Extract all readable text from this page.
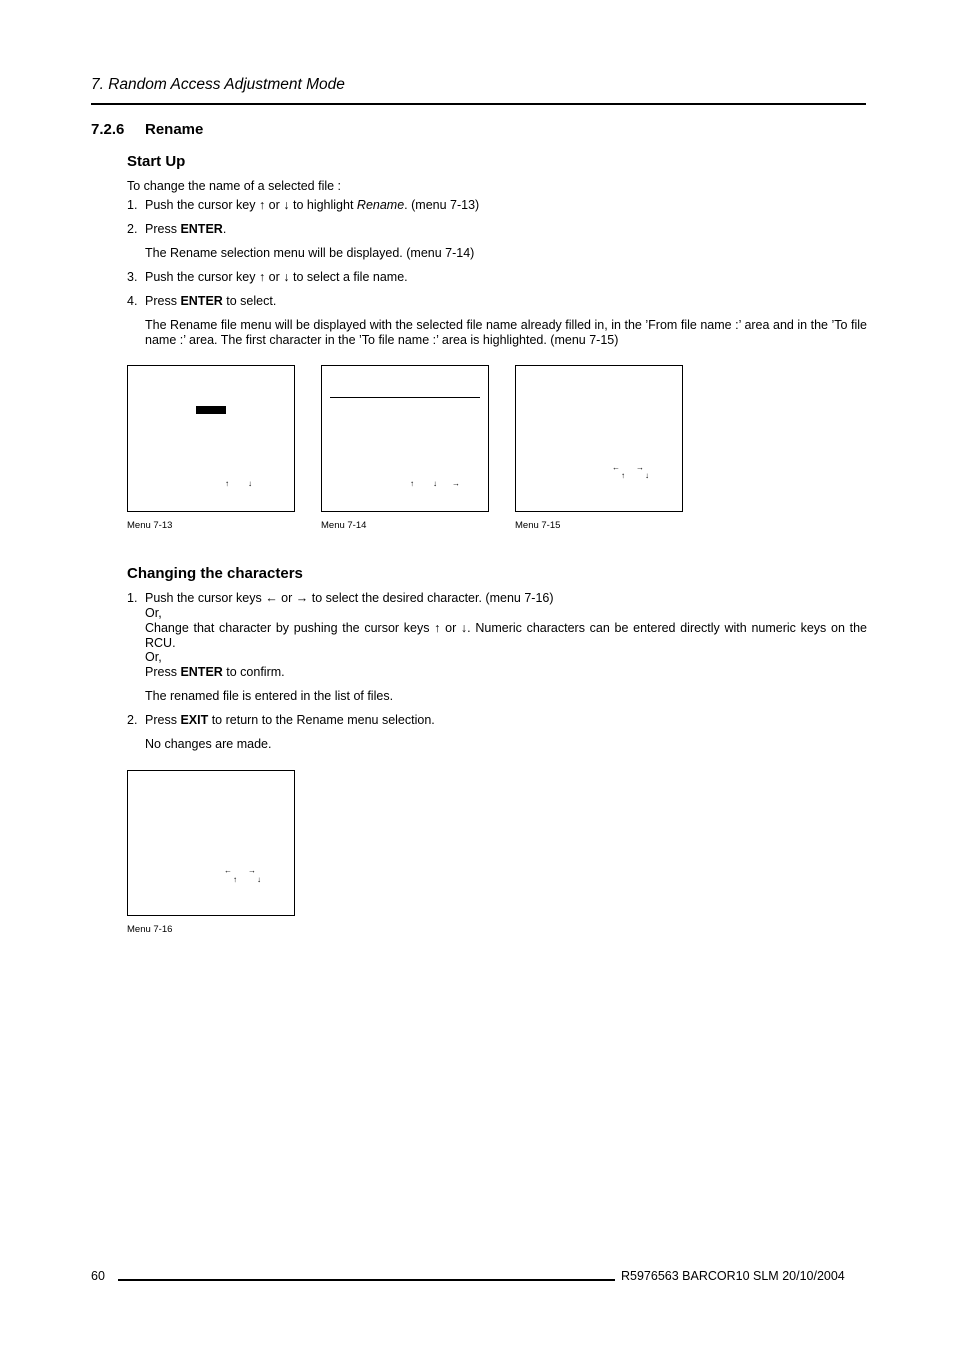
7. Random Access Adjustment Mode
7.2.6 Rename
Start Up
To change the name of a selected file :
1. Push the cursor key ↑ or ↓ to highlight Rename. (menu 7-13)
2. Press ENTER.
The Rename selection menu will be displayed. (menu 7-14)
3. Push the cursor key ↑ or ↓ to select a file name.
4. Press ENTER to select.
The Rename file menu will be displayed with the selected file name already filled in, in the ’From file name :’ area and in the ’To file name :’ area. The first character in the ’To file name :’ area is highlighted. (menu 7-15)
↑ ↓
Menu 7-13
↑ ↓ →
Menu 7-14
← →
↑	↓
Menu 7-15
Changing the characters
1. Push the cursor keys ← or → to select the desired character. (menu 7-16)
Or,
Change that character by pushing the cursor keys ↑ or ↓. Numeric characters can be entered directly with numeric keys on the RCU.
Or,
Press ENTER to confirm.
The renamed file is entered in the list of files.
2. Press EXIT to return to the Rename menu selection.
No changes are made.
← →
↑	↓
Menu 7-16
60	R5976563 BARCOR10 SLM 20/10/2004
